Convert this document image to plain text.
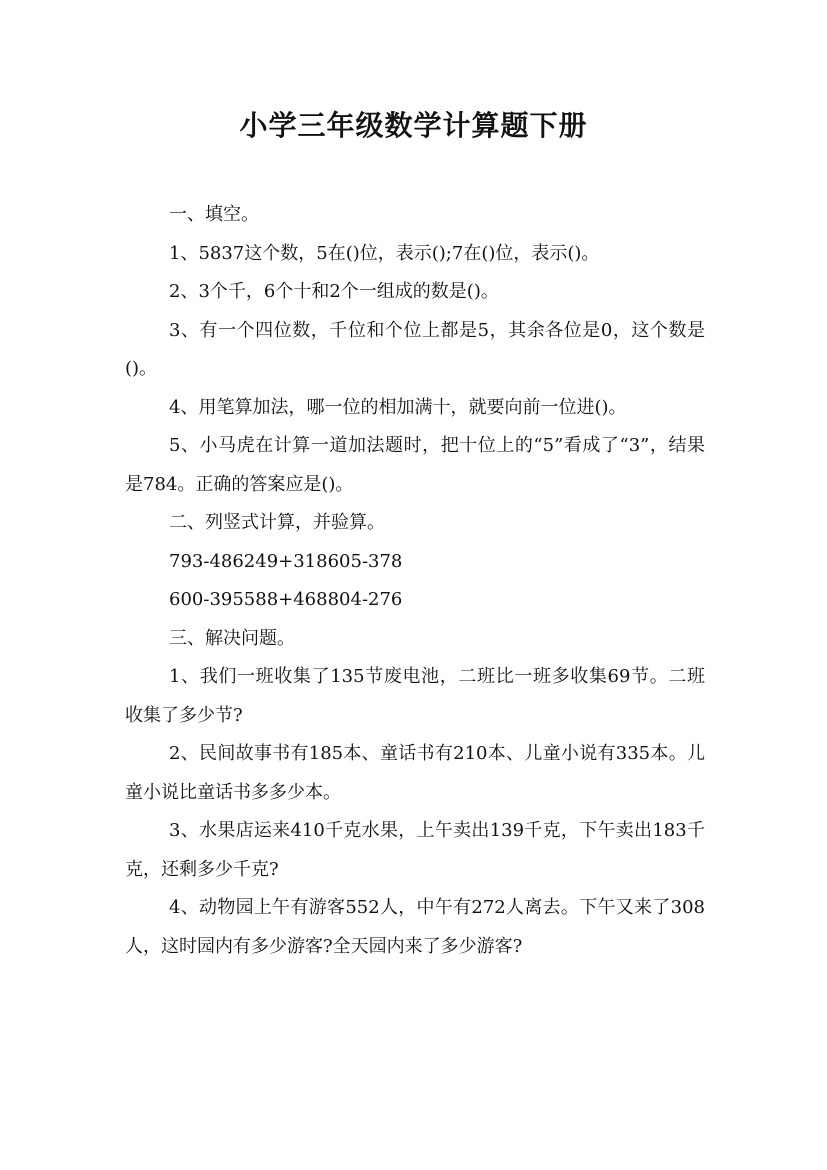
小学三年级数学计算题下册

一、填空。

1、5837这个数，5在()位，表示();7在()位，表示()。

2、3个千，6个十和2个一组成的数是()。

3、有一个四位数，千位和个位上都是5，其余各位是0，这个数是()。

4、用笔算加法，哪一位的相加满十，就要向前一位进()。

5、小马虎在计算一道加法题时，把十位上的“5”看成了“3”，结果是784。正确的答案应是()。

二、列竖式计算，并验算。

793-486249+318605-378

600-395588+468804-276

三、解决问题。

1、我们一班收集了135节废电池，二班比一班多收集69节。二班收集了多少节?

2、民间故事书有185本、童话书有210本、儿童小说有335本。儿童小说比童话书多多少本。

3、水果店运来410千克水果，上午卖出139千克，下午卖出183千克，还剩多少千克?

4、动物园上午有游客552人，中午有272人离去。下午又来了308人，这时园内有多少游客?全天园内来了多少游客?
